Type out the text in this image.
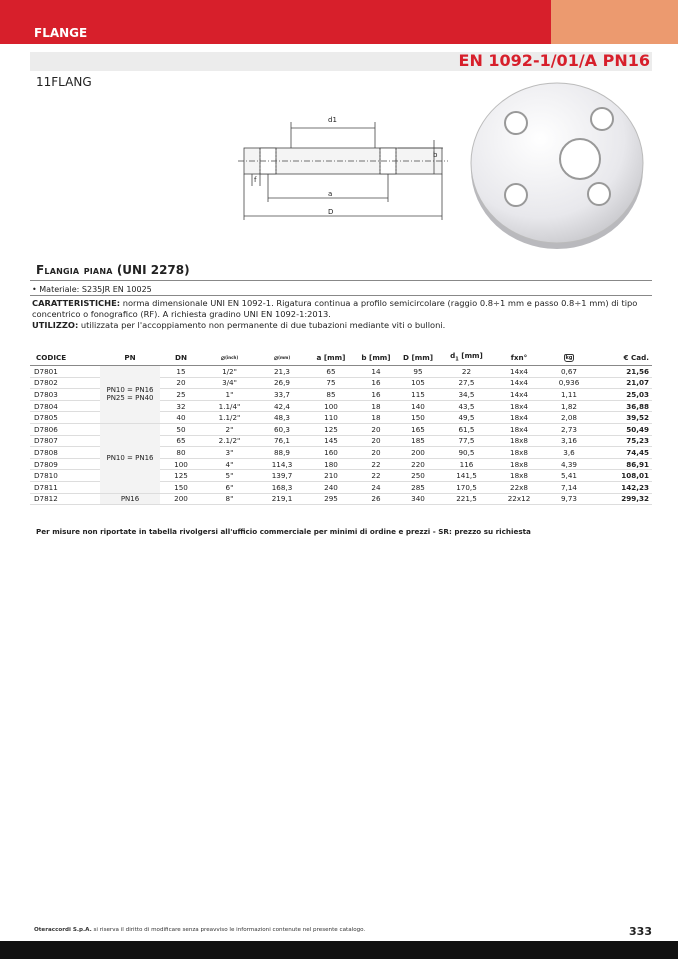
FLANGE
EN 1092-1/01/A PN16
11FLANG
d1
b
f
a
D
Flangia piana (UNI 2278)
• Materiale: S235JR EN 10025
CARATTERISTICHE: norma dimensionale UNI EN 1092-1. Rigatura continua a profilo semicircolare (raggio 0.8÷1 mm e passo 0.8÷1 mm) di tipo concentrico o fonografico (RF). A richiesta gradino UNI EN 1092-1:2013.
UTILIZZO: utilizzata per l'accoppiamento non permanente di due tubazioni mediante viti o bulloni.
CODICE	PN	DN	⌀(inch)	⌀(mm)	a [mm]	b [mm]	D [mm]	$d_1$ [mm]	fxn°	kg	€ Cad.
D7801	PN10 = PN16
PN25 = PN40	15	1/2"	21,3	65	14	95	22	14x4	0,67	21,56
D7802		20	3/4"	26,9	75	16	105	27,5	14x4	0,936	21,07
D7803		25	1"	33,7	85	16	115	34,5	14x4	1,11	25,03
D7804		32	1.1/4"	42,4	100	18	140	43,5	18x4	1,82	36,88
D7805		40	1.1/2"	48,3	110	18	150	49,5	18x4	2,08	39,52
D7806	PN10 = PN16	50	2"	60,3	125	20	165	61,5	18x4	2,73	50,49
D7807		65	2.1/2"	76,1	145	20	185	77,5	18x8	3,16	75,23
D7808		80	3"	88,9	160	20	200	90,5	18x8	3,6	74,45
D7809		100	4"	114,3	180	22	220	116	18x8	4,39	86,91
D7810		125	5"	139,7	210	22	250	141,5	18x8	5,41	108,01
D7811		150	6"	168,3	240	24	285	170,5	22x8	7,14	142,23
D7812	PN16	200	8"	219,1	295	26	340	221,5	22x12	9,73	299,32
Per misure non riportate in tabella rivolgersi all'ufficio commerciale per minimi di ordine e prezzi - SR: prezzo su richiesta
Oteraccordi S.p.A. si riserva il diritto di modificare senza preavviso le informazioni contenute nel presente catalogo.	333
